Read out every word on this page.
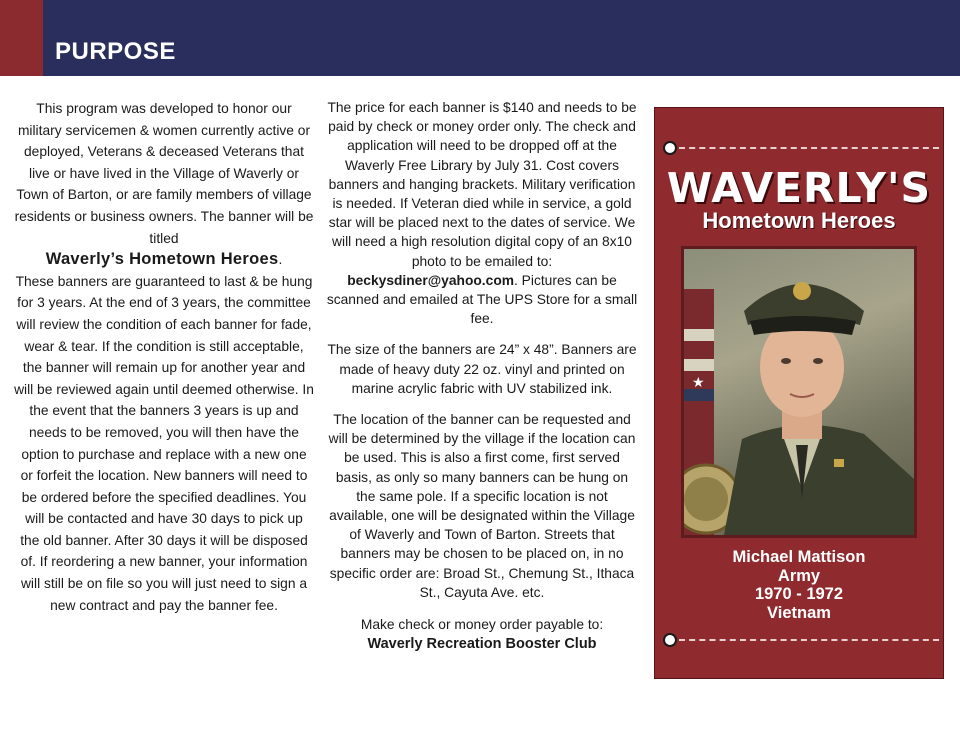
PURPOSE

This program was developed to honor our military servicemen & women currently active or deployed, Veterans & deceased Veterans that live or have lived in the Village of Waverly or Town of Barton, or are family members of village residents or business owners. The banner will be titled
Waverly’s Hometown Heroes.
These banners are guaranteed to last & be hung for 3 years. At the end of 3 years, the committee will review the condition of each banner for fade, wear & tear. If the condition is still acceptable, the banner will remain up for another year and will be reviewed again until deemed otherwise. In the event that the banners 3 years is up and needs to be removed, you will then have the option to purchase and replace with a new one or forfeit the location. New banners will need to be ordered before the specified deadlines. You will be contacted and have 30 days to pick up the old banner. After 30 days it will be disposed of. If reordering a new banner, your information will still be on file so you will just need to sign a new contract and pay the banner fee.

The price for each banner is $140 and needs to be paid by check or money order only. The check and application will need to be dropped off at the Waverly Free Library by July 31. Cost covers banners and hanging brackets. Military verification is needed. If Veteran died while in service, a gold star will be placed next to the dates of service. We will need a high resolution digital copy of an 8x10 photo to be emailed to:
beckysdiner@yahoo.com. Pictures can be scanned and emailed at The UPS Store for a small fee.

The size of the banners are 24” x 48”. Banners are made of heavy duty 22 oz. vinyl and printed on marine acrylic fabric with UV stabilized ink.

The location of the banner can be requested and will be determined by the village if the location can be used. This is also a first come, first served basis, as only so many banners can be hung on the same pole. If a specific location is not available, one will be designated within the Village of Waverly and Town of Barton. Streets that banners may be chosen to be placed on, in no specific order are: Broad St., Chemung St., Ithaca St., Cayuta Ave. etc.

Make check or money order payable to:
Waverly Recreation Booster Club

WAVERLY'S
Hometown Heroes
★
Michael Mattison
Army
1970 - 1972
Vietnam
